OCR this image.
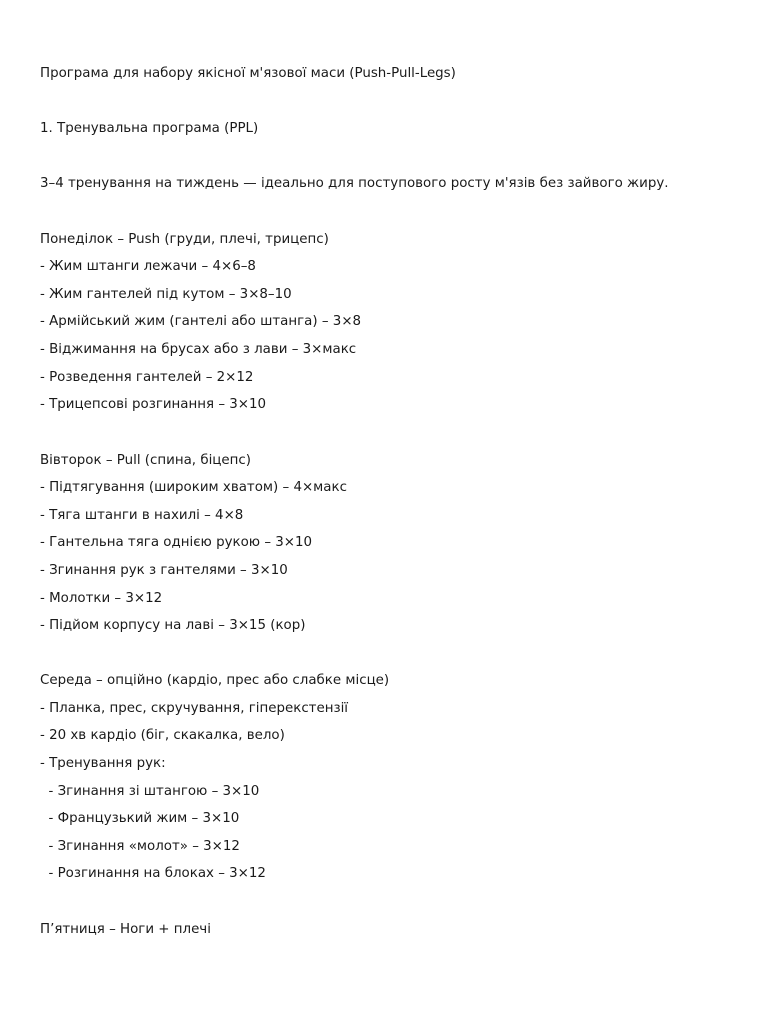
Програма для набору якісної м'язової маси (Push-Pull-Legs)
1. Тренувальна програма (PPL)
3–4 тренування на тиждень — ідеально для поступового росту м'язів без зайвого жиру.
Понеділок – Push (груди, плечі, трицепс)
- Жим штанги лежачи – 4×6–8
- Жим гантелей під кутом – 3×8–10
- Армійський жим (гантелі або штанга) – 3×8
- Віджимання на брусах або з лави – 3×макс
- Розведення гантелей – 2×12
- Трицепсові розгинання – 3×10
Вівторок – Pull (спина, біцепс)
- Підтягування (широким хватом) – 4×макс
- Тяга штанги в нахилі – 4×8
- Гантельна тяга однією рукою – 3×10
- Згинання рук з гантелями – 3×10
- Молотки – 3×12
- Підйом корпусу на лаві – 3×15 (кор)
Середа – опційно (кардіо, прес або слабке місце)
- Планка, прес, скручування, гіперекстензії
- 20 хв кардіо (біг, скакалка, вело)
- Тренування рук:
- Згинання зі штангою – 3×10
- Французький жим – 3×10
- Згинання «молот» – 3×12
- Розгинання на блоках – 3×12
П’ятниця – Ноги + плечі
